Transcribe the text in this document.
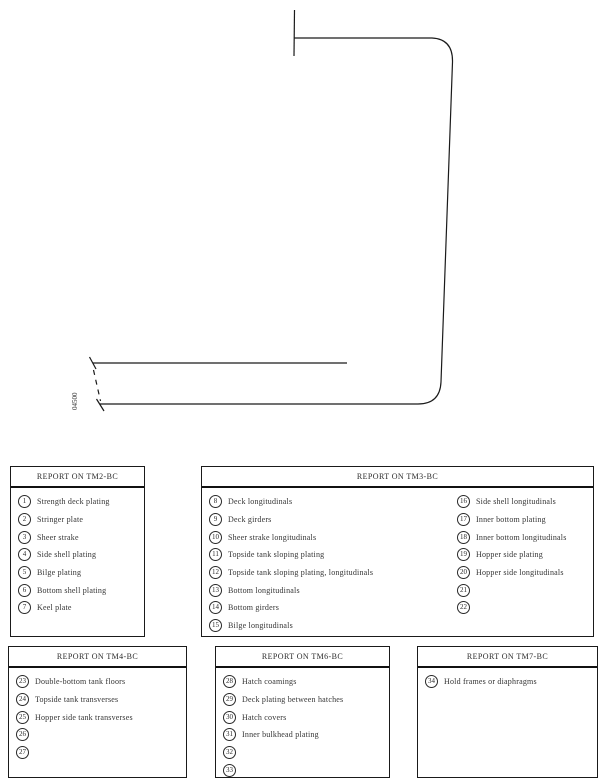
04500
REPORT ON TM2-BC
1	Strength deck plating
2	Stringer plate
3	Sheer strake
4	Side shell plating
5	Bilge plating
6	Bottom shell plating
7	Keel plate
REPORT ON TM3-BC
8	Deck longitudinals
9	Deck girders
10	Sheer strake longitudinals
11	Topside tank sloping plating
12	Topside tank sloping plating, longitudinals
13	Bottom longitudinals
14	Bottom girders
15	Bilge longitudinals
16	Side shell longitudinals
17	Inner bottom plating
18	Inner bottom longitudinals
19	Hopper side plating
20	Hopper side longitudinals
21
22
REPORT ON TM4-BC
23	Double-bottom tank floors
24	Topside tank transverses
25	Hopper side tank transverses
26
27
REPORT ON TM6-BC
28	Hatch coamings
29	Deck plating between hatches
30	Hatch covers
31	Inner bulkhead plating
32
33
REPORT ON TM7-BC
34	Hold frames or diaphragms
